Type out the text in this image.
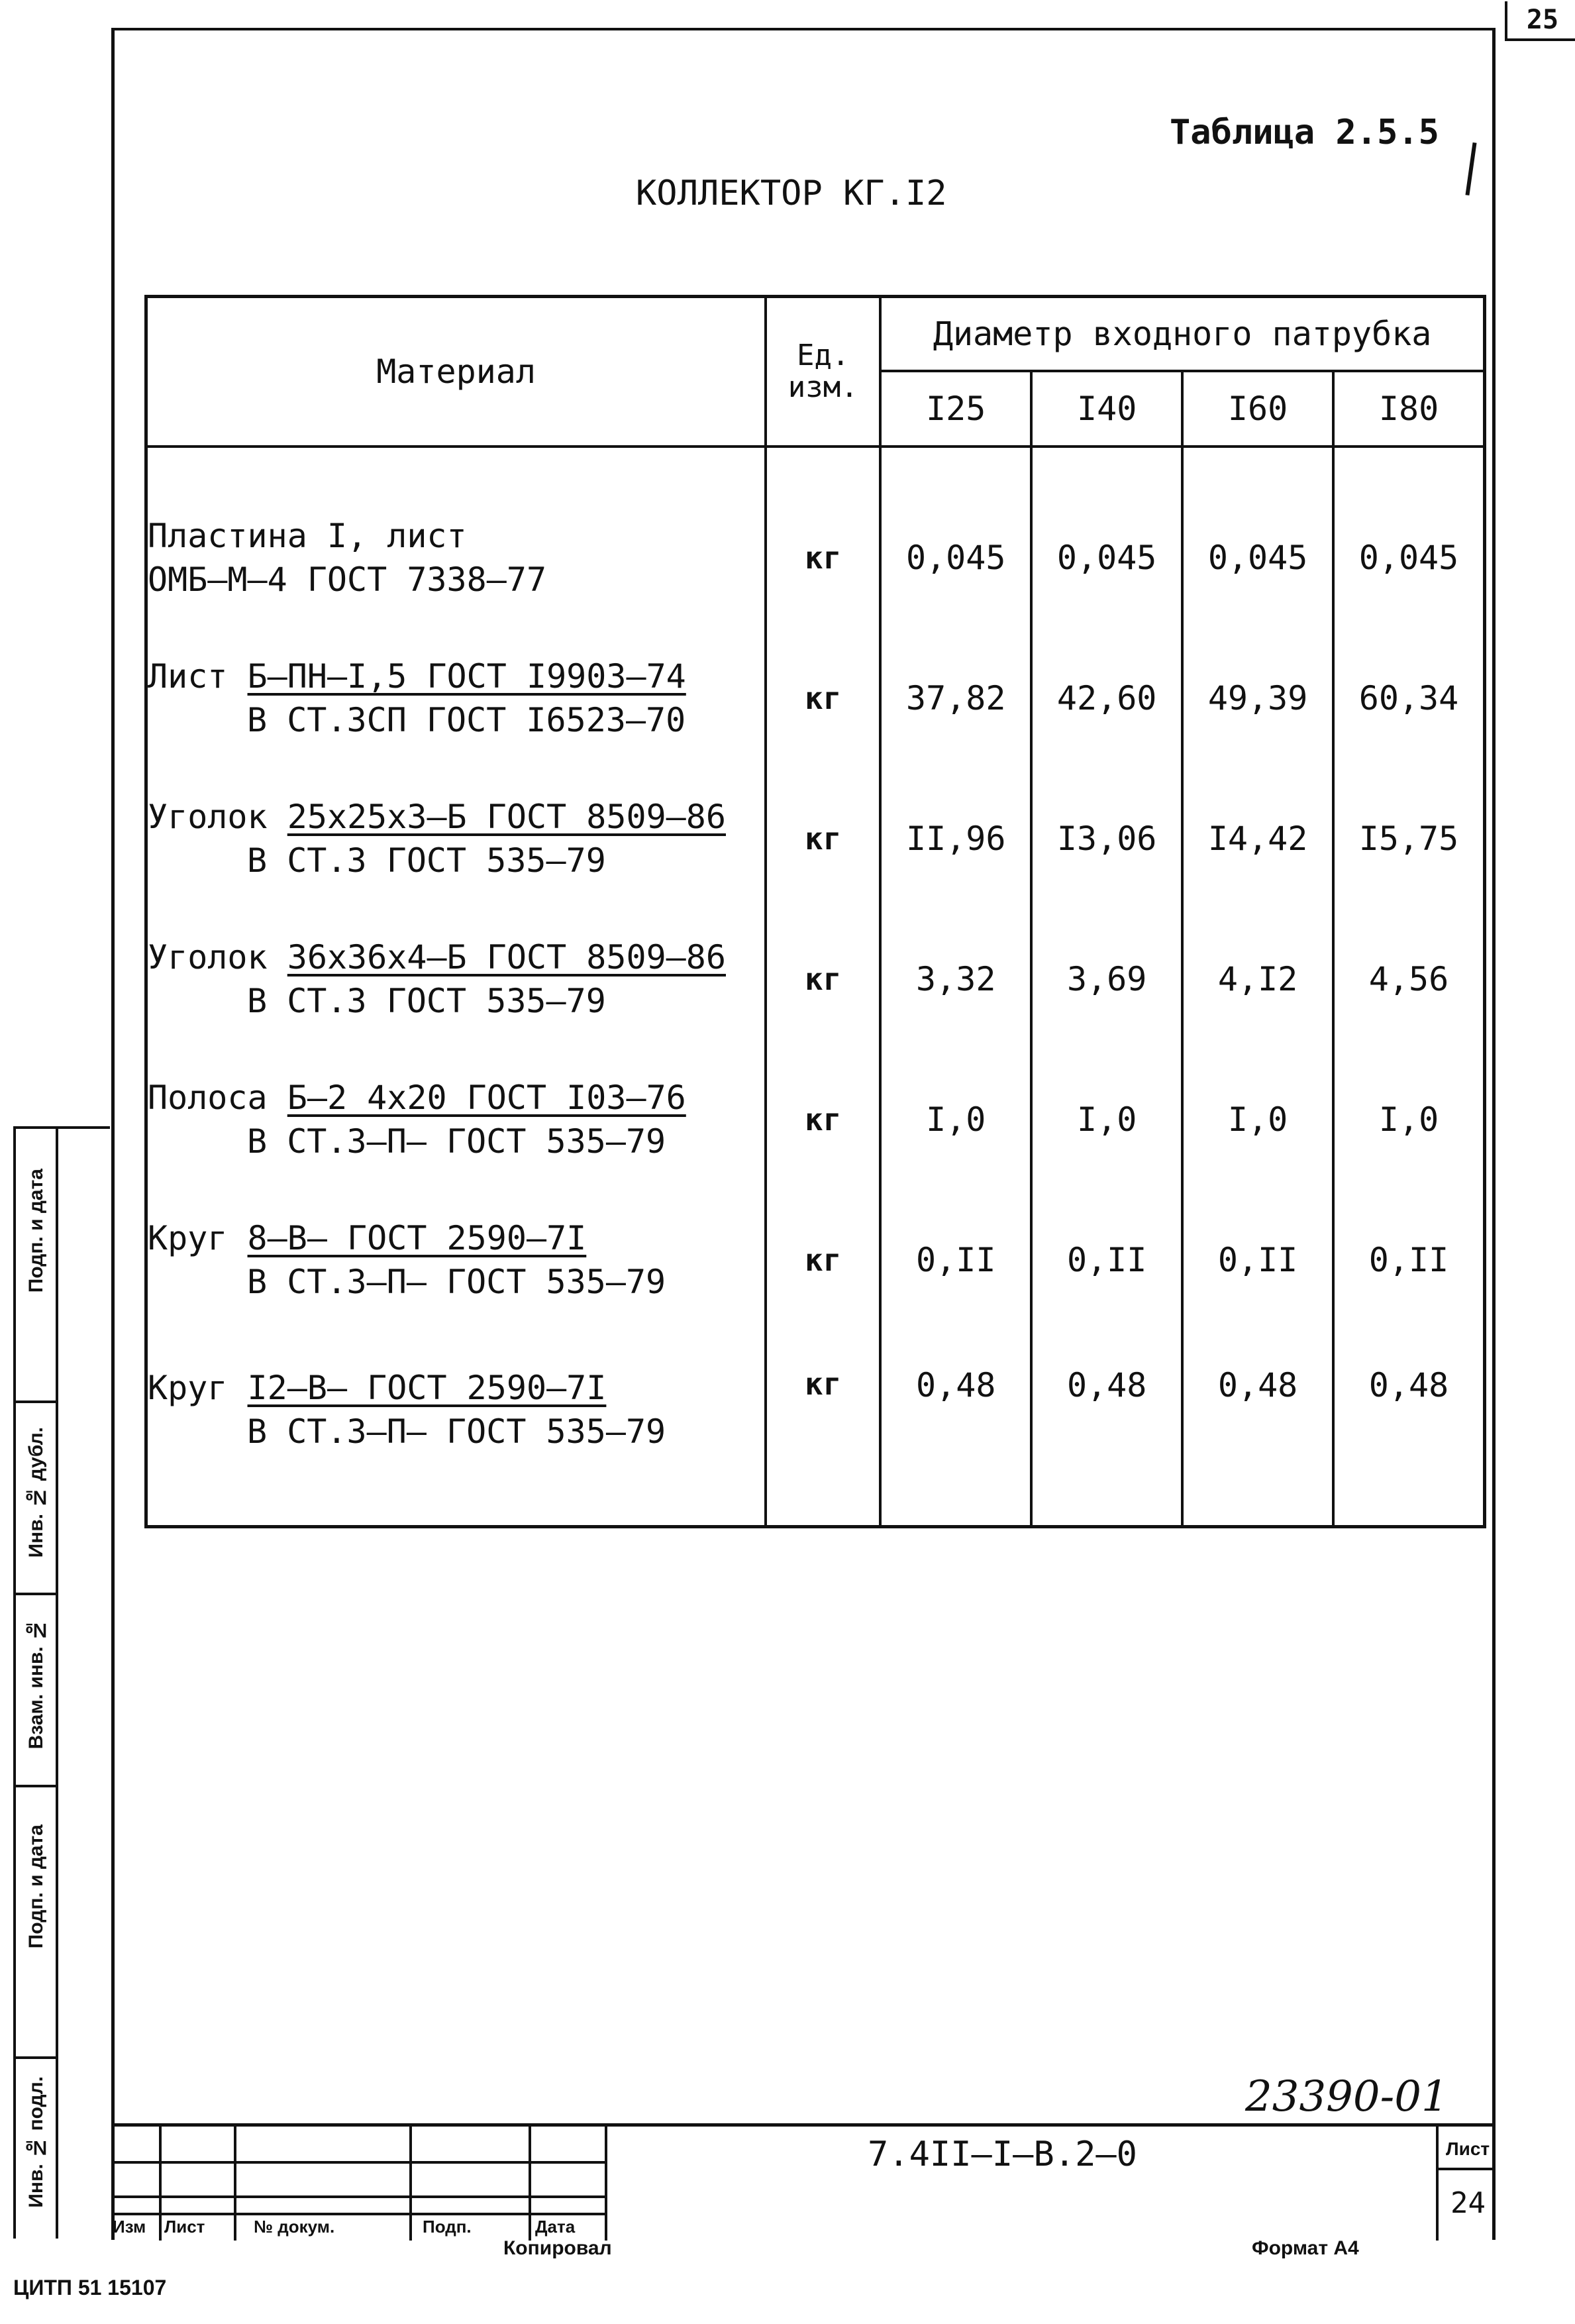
25
Таблица 2.5.5
КОЛЛЕКТОР КГ.I2
Материал	Ед. изм.	Диаметр входного патрубка			
		I25	I40	I60	I80
Пластина I, лист
ОМБ–М–4 ГОСТ 7338–77	кг	0,045	0,045	0,045	0,045
Лист Б–ПН–I,5 ГОСТ I9903–74

В СТ.3СП ГОСТ I6523–70	кг	37,82	42,60	49,39	60,34
Уголок 25х25х3–Б ГОСТ 8509–86

В СТ.3 ГОСТ 535–79	кг	II,96	I3,06	I4,42	I5,75
Уголок 36х36х4–Б ГОСТ 8509–86

В СТ.3 ГОСТ 535–79	кг	3,32	3,69	4,I2	4,56
Полоса Б–2 4х20 ГОСТ I03–76

В СТ.3–П– ГОСТ 535–79	кг	I,0	I,0	I,0	I,0
Круг 8–В– ГОСТ 2590–7I

В СТ.3–П– ГОСТ 535–79	кг	0,II	0,II	0,II	0,II
Круг I2–В– ГОСТ 2590–7I

В СТ.3–П– ГОСТ 535–79	кг	0,48	0,48	0,48	0,48
Подп. и дата
Инв. № дубл.
Взам. инв. №
Подп. и дата
Инв. № подл.
Изм Лист	№ докум.	Подп.	Дата
23390-01
7.4II–I–В.2–0	Лист
24
Копировал	Формат А4
ЦИТП 51 15107
